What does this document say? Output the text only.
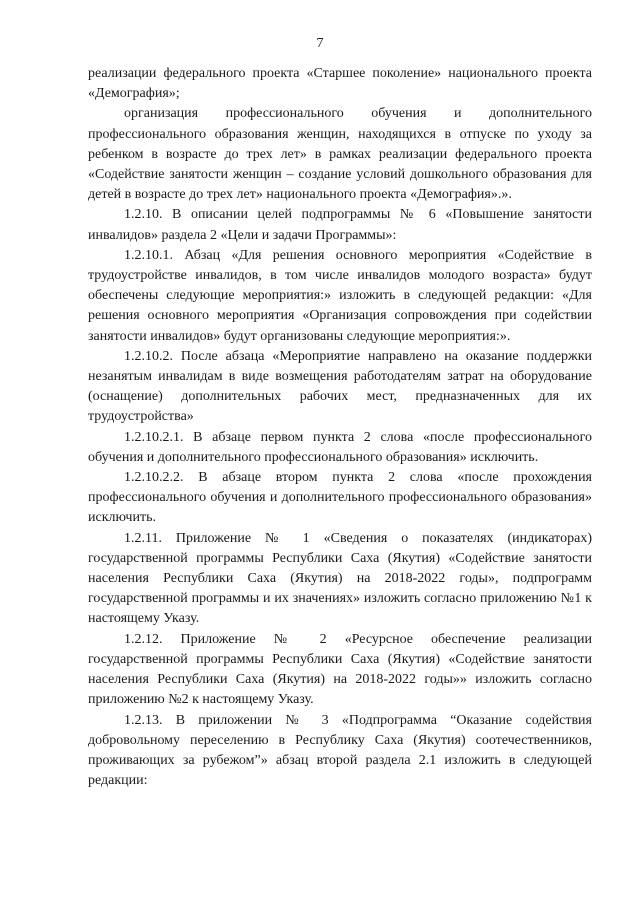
7

реализации федерального проекта «Старшее поколение» национального проекта «Демография»;

организация профессионального обучения и дополнительного профессионального образования женщин, находящихся в отпуске по уходу за ребенком в возрасте до трех лет» в рамках реализации федерального проекта «Содействие занятости женщин – создание условий дошкольного образования для детей в возрасте до трех лет» национального проекта «Демография».».

1.2.10. В описании целей подпрограммы № 6 «Повышение занятости инвалидов» раздела 2 «Цели и задачи Программы»:

1.2.10.1. Абзац «Для решения основного мероприятия «Содействие в трудоустройстве инвалидов, в том числе инвалидов молодого возраста» будут обеспечены следующие мероприятия:» изложить в следующей редакции: «Для решения основного мероприятия «Организация сопровождения при содействии занятости инвалидов» будут организованы следующие мероприятия:».

1.2.10.2. После абзаца «Мероприятие направлено на оказание поддержки незанятым инвалидам в виде возмещения работодателям затрат на оборудование (оснащение) дополнительных рабочих мест, предназначенных для их трудоустройства»

1.2.10.2.1. В абзаце первом пункта 2 слова «после профессионального обучения и дополнительного профессионального образования» исключить.

1.2.10.2.2. В абзаце втором пункта 2 слова «после прохождения профессионального обучения и дополнительного профессионального образования» исключить.

1.2.11. Приложение № 1 «Сведения о показателях (индикаторах) государственной программы Республики Саха (Якутия) «Содействие занятости населения Республики Саха (Якутия) на 2018-2022 годы», подпрограмм государственной программы и их значениях» изложить согласно приложению №1 к настоящему Указу.

1.2.12. Приложение № 2 «Ресурсное обеспечение реализации государственной программы Республики Саха (Якутия) «Содействие занятости населения Республики Саха (Якутия) на 2018-2022 годы»» изложить согласно приложению №2 к настоящему Указу.

1.2.13. В приложении № 3 «Подпрограмма “Оказание содействия добровольному переселению в Республику Саха (Якутия) соотечественников, проживающих за рубежом”» абзац второй раздела 2.1 изложить в следующей редакции:
